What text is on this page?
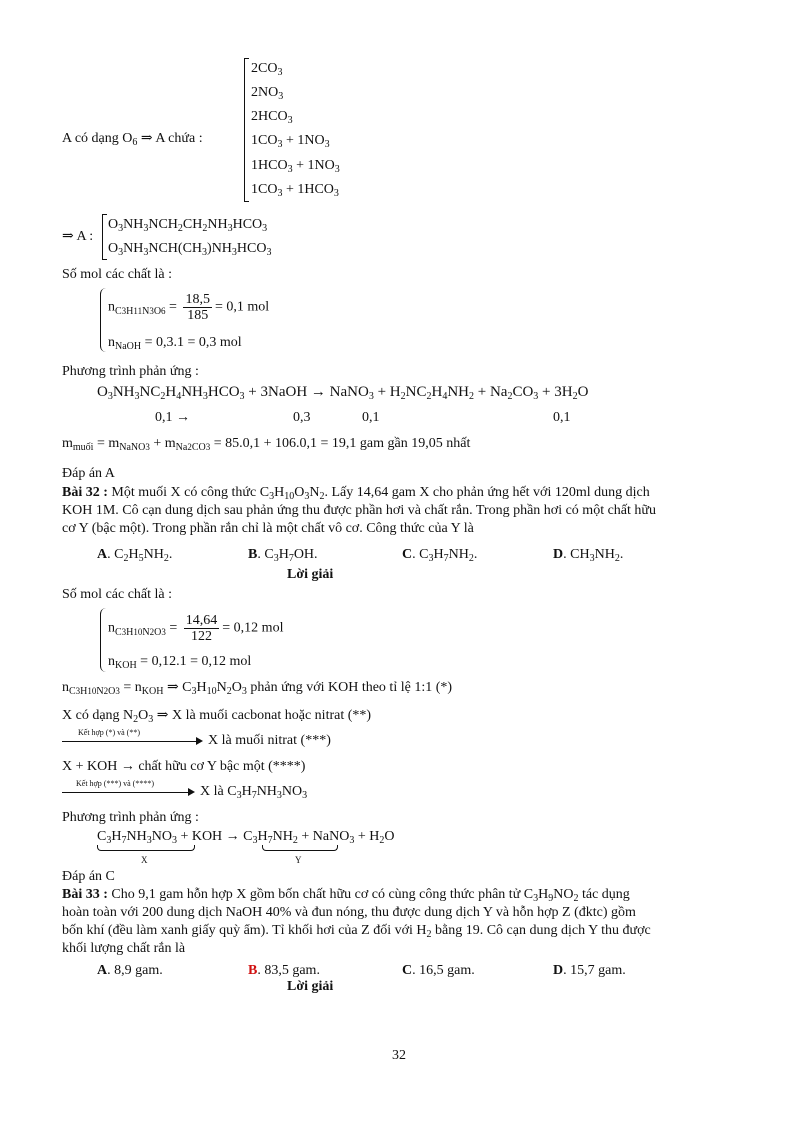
A có dạng $O_6$ ⇒ A chứa :
$2CO_3$
$2NO_3$
$2HCO_3$
$1CO_3 + 1NO_3$
$1HCO_3 + 1NO_3$
$1CO_3 + 1HCO_3$
⇒ A :
$O_3NH_3NCH_2CH_2NH_3HCO_3$
$O_3NH_3NCH(CH_3)NH_3HCO_3$
Số mol các chất là :
$n_{C3H11N3O6} = \frac{18,5}{185} = 0,1$ mol
$n_{NaOH} = 0,3.1 = 0,3$ mol
Phương trình phản ứng :
$O_3NH_3NC_2H_4NH_3HCO_3$ + 3NaOH → NaNO$_3$ + $H_2NC_2H_4NH_2 + Na_2CO_3 + 3H_2O$
0,1 →	0,3	0,1	0,1
$m_{muối} = m_{NaNO3} + m_{Na2CO3} = 85.0,1 + 106.0,1 = 19,1$ gam gần 19,05 nhất
Đáp án A
Bài 32 : Một muối X có công thức $C_3H_{10}O_3N_2$. Lấy 14,64 gam X cho phản ứng hết với 120ml dung dịch
KOH 1M. Cô cạn dung dịch sau phản ứng thu được phần hơi và chất rắn. Trong phần hơi có một chất hữu
cơ Y (bậc một). Trong phần rắn chỉ là một chất vô cơ. Công thức của Y là
A. $C_2H_5NH_2$.	B. $C_3H_7OH$.	C. $C_3H_7NH_2$.	D. $CH_3NH_2$.
Lời giải
Số mol các chất là :
$n_{C3H10N2O3} = \frac{14,64}{122} = 0,12$ mol
$n_{KOH} = 0,12.1 = 0,12$ mol
$n_{C3H10N2O3} = n_{KOH}$ ⇒ $C_3H_{10}N_2O_3$ phản ứng với KOH theo tỉ lệ 1:1 (*)
X có dạng $N_2O_3$ ⇒ X là muối cacbonat hoặc nitrat (**)
Kết hợp (*) và (**)
X là muối nitrat (***)
X + KOH → chất hữu cơ Y bậc một (****)
Kết hợp (***) và (****)
X là $C_3H_7NH_3NO_3$
Phương trình phản ứng :
$C_3H_7NH_3NO_3$ + KOH → $C_3H_7NH_2$ + NaNO$_3$ + $H_2O$
X	Y
Đáp án C
Bài 33 : Cho 9,1 gam hỗn hợp X gồm bốn chất hữu cơ có cùng công thức phân tử $C_3H_9NO_2$ tác dụng
hoàn toàn với 200 dung dịch NaOH 40% và đun nóng, thu được dung dịch Y và hỗn hợp Z (đktc) gồm
bốn khí (đều làm xanh giấy quỳ ẩm). Tỉ khối hơi của Z đối với $H_2$ bằng 19. Cô cạn dung dịch Y thu được
khối lượng chất rắn là
A. 8,9 gam.	B. 83,5 gam.	C. 16,5 gam.	D. 15,7 gam.
Lời giải
32
